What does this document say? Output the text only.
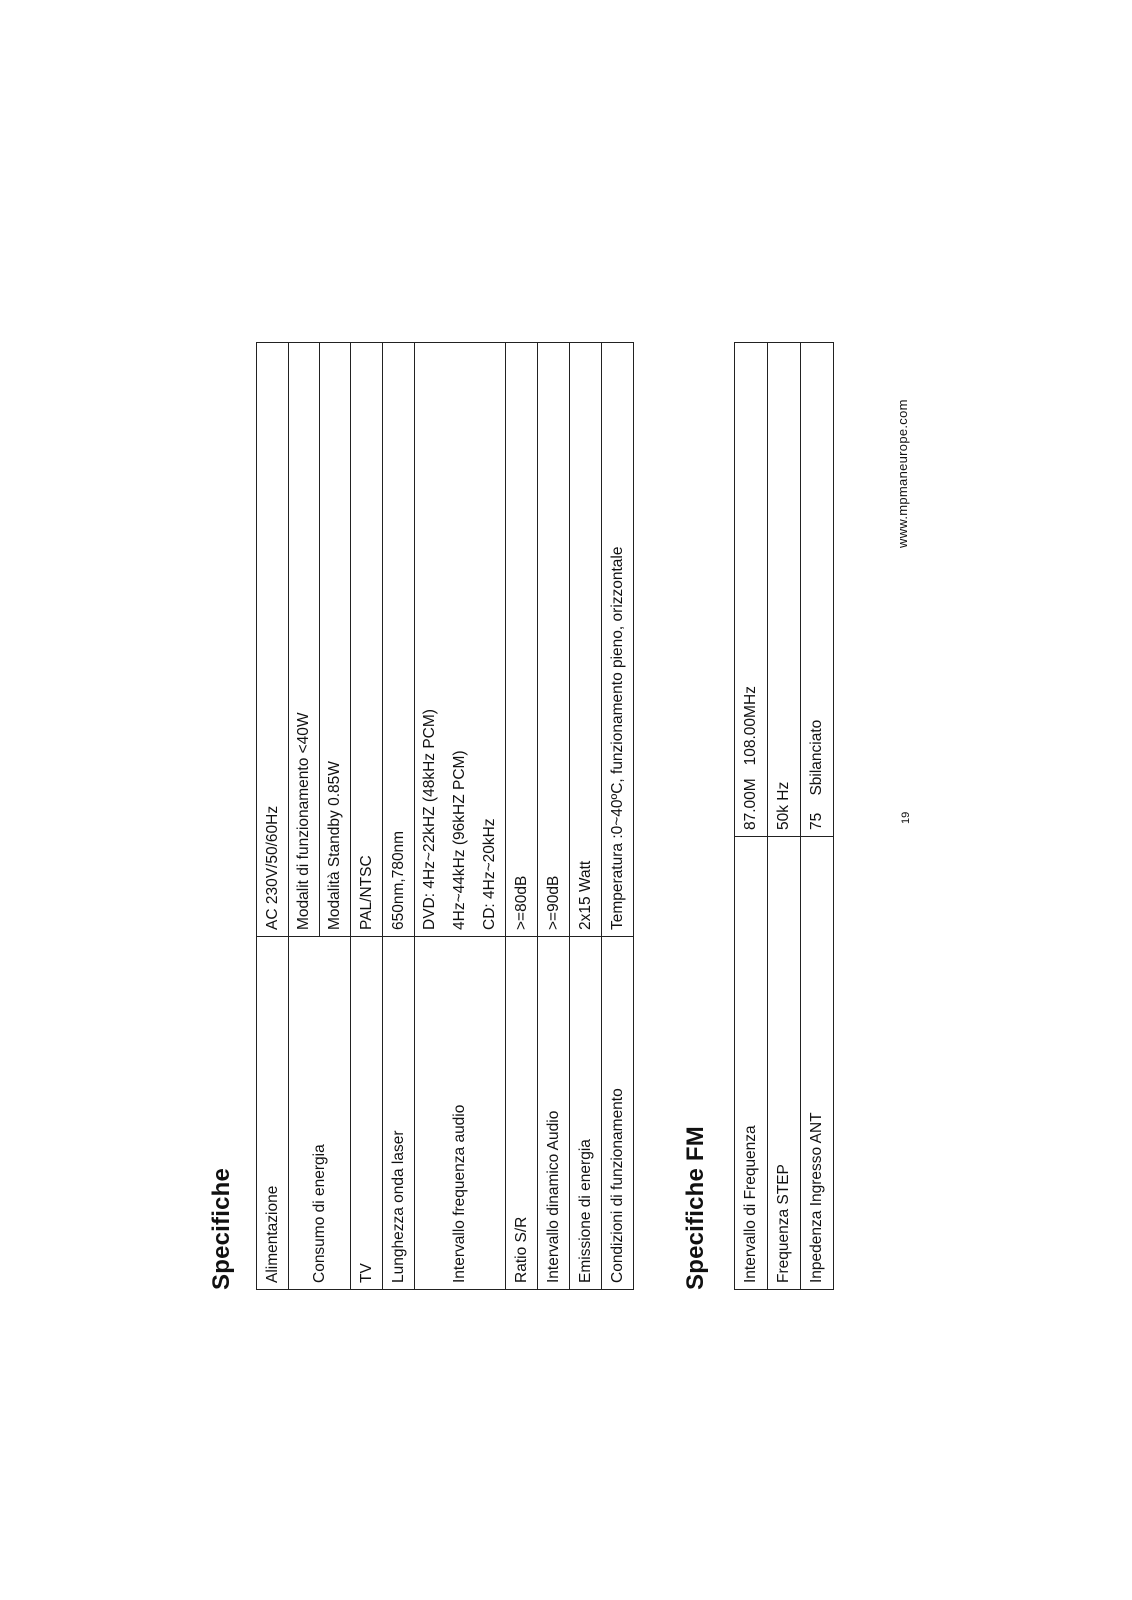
Specifiche Alimentazione	AC 230V/50/60Hz
Consumo di energia	Modalit di funzionamento <40W Modalità Standby 0.85W

TV	PAL/NTSC
Lunghezza onda laser	650nm,780nm
Intervallo frequenza audio	DVD: 4Hz~22kHZ (48kHz PCM) 4Hz~44kHz (96kHZ PCM) CD: 4Hz~20kHz

Ratio S/R	>=80dB
Intervallo dinamico Audio	>=90dB
Emissione di energia	2x15 Watt
Condizioni di funzionamento	Temperatura :0~40ºC, funzionamento pieno, orizzontale
Specifiche FM Intervallo di Frequenza	87.00M   108.00MHz
Frequenza STEP	50k Hz
Inpedenza Ingresso ANT	75    Sbilanciato	19
www.mpmaneurope.com
